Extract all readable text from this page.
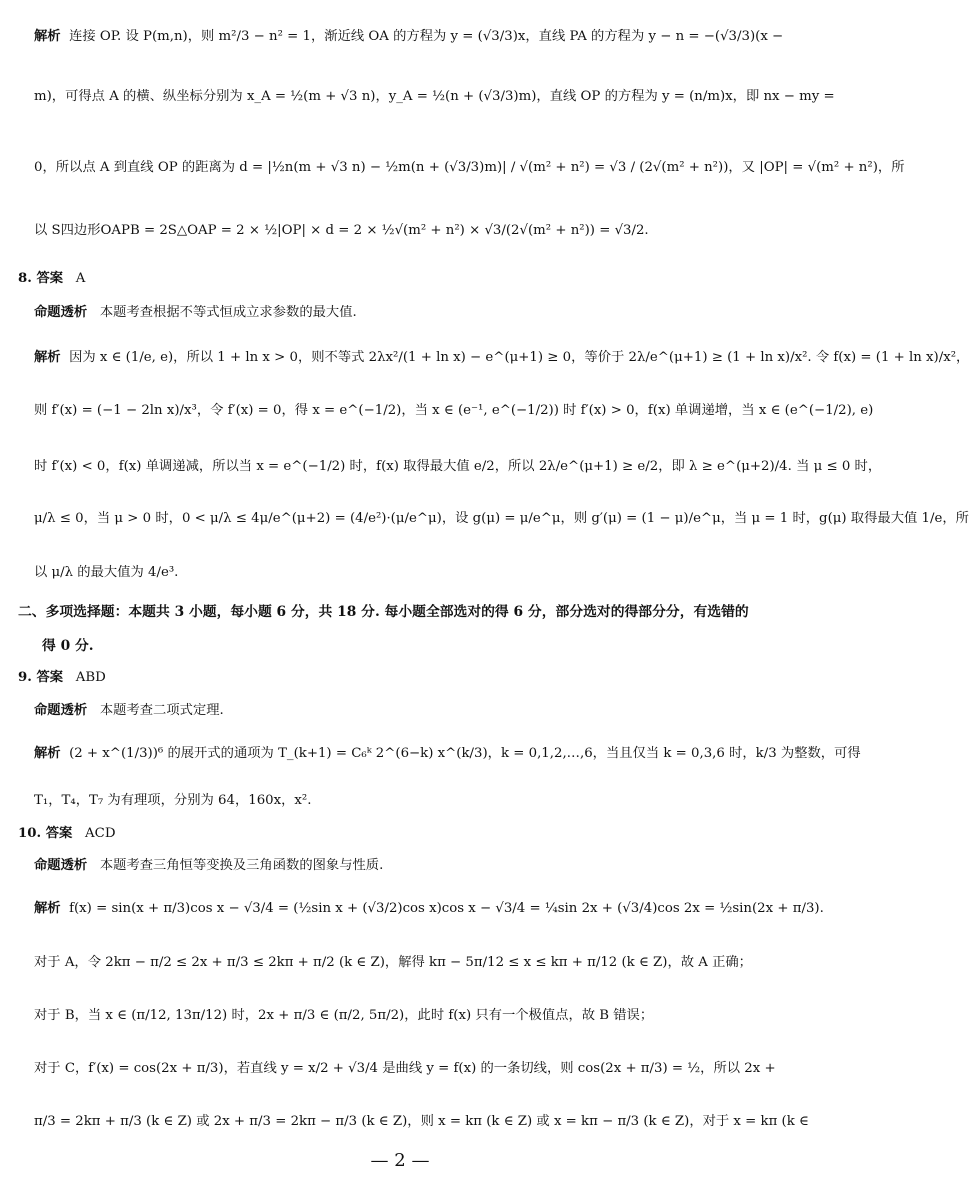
解析 连接 OP. 设 P(m,n)，则 m²/3 − n² = 1，渐近线 OA 的方程为 y = (√3/3)x，直线 PA 的方程为 y − n = −(√3/3)(x −
m)，可得点 A 的横、纵坐标分别为 x_A = ½(m + √3 n)，y_A = ½(n + (√3/3)m)，直线 OP 的方程为 y = (n/m)x，即 nx − my =
0，所以点 A 到直线 OP 的距离为 d = |½n(m + √3 n) − ½m(n + (√3/3)m)| / √(m² + n²) = √3 / (2√(m² + n²))，又 |OP| = √(m² + n²)，所
以 S四边形OAPB = 2S△OAP = 2 × ½|OP| × d = 2 × ½√(m² + n²) × √3/(2√(m² + n²)) = √3/2.
8. 答案 A
命题透析 本题考查根据不等式恒成立求参数的最大值.
解析 因为 x ∈ (1/e, e)，所以 1 + ln x > 0，则不等式 2λx²/(1 + ln x) − e^(μ+1) ≥ 0，等价于 2λ/e^(μ+1) ≥ (1 + ln x)/x². 令 f(x) = (1 + ln x)/x²，
则 f′(x) = (−1 − 2ln x)/x³，令 f′(x) = 0，得 x = e^(−1/2)，当 x ∈ (e⁻¹, e^(−1/2)) 时 f′(x) > 0，f(x) 单调递增，当 x ∈ (e^(−1/2), e)
时 f′(x) < 0，f(x) 单调递减，所以当 x = e^(−1/2) 时，f(x) 取得最大值 e/2，所以 2λ/e^(μ+1) ≥ e/2，即 λ ≥ e^(μ+2)/4. 当 μ ≤ 0 时，
μ/λ ≤ 0，当 μ > 0 时，0 < μ/λ ≤ 4μ/e^(μ+2) = (4/e²)·(μ/e^μ)，设 g(μ) = μ/e^μ，则 g′(μ) = (1 − μ)/e^μ，当 μ = 1 时，g(μ) 取得最大值 1/e，所
以 μ/λ 的最大值为 4/e³.
二、多项选择题：本题共 3 小题，每小题 6 分，共 18 分. 每小题全部选对的得 6 分，部分选对的得部分分，有选错的
得 0 分.
9. 答案 ABD
命题透析 本题考查二项式定理.
解析 (2 + x^(1/3))⁶ 的展开式的通项为 T_(k+1) = C₆ᵏ 2^(6−k) x^(k/3)，k = 0,1,2,…,6，当且仅当 k = 0,3,6 时，k/3 为整数，可得
T₁，T₄，T₇ 为有理项，分别为 64，160x，x².
10. 答案 ACD
命题透析 本题考查三角恒等变换及三角函数的图象与性质.
解析 f(x) = sin(x + π/3)cos x − √3/4 = (½sin x + (√3/2)cos x)cos x − √3/4 = ¼sin 2x + (√3/4)cos 2x = ½sin(2x + π/3).
对于 A，令 2kπ − π/2 ≤ 2x + π/3 ≤ 2kπ + π/2 (k ∈ Z)，解得 kπ − 5π/12 ≤ x ≤ kπ + π/12 (k ∈ Z)，故 A 正确；
对于 B，当 x ∈ (π/12, 13π/12) 时，2x + π/3 ∈ (π/2, 5π/2)，此时 f(x) 只有一个极值点，故 B 错误；
对于 C，f′(x) = cos(2x + π/3)，若直线 y = x/2 + √3/4 是曲线 y = f(x) 的一条切线，则 cos(2x + π/3) = ½，所以 2x +
π/3 = 2kπ + π/3 (k ∈ Z) 或 2x + π/3 = 2kπ − π/3 (k ∈ Z)，则 x = kπ (k ∈ Z) 或 x = kπ − π/3 (k ∈ Z)，对于 x = kπ (k ∈
— 2 —
